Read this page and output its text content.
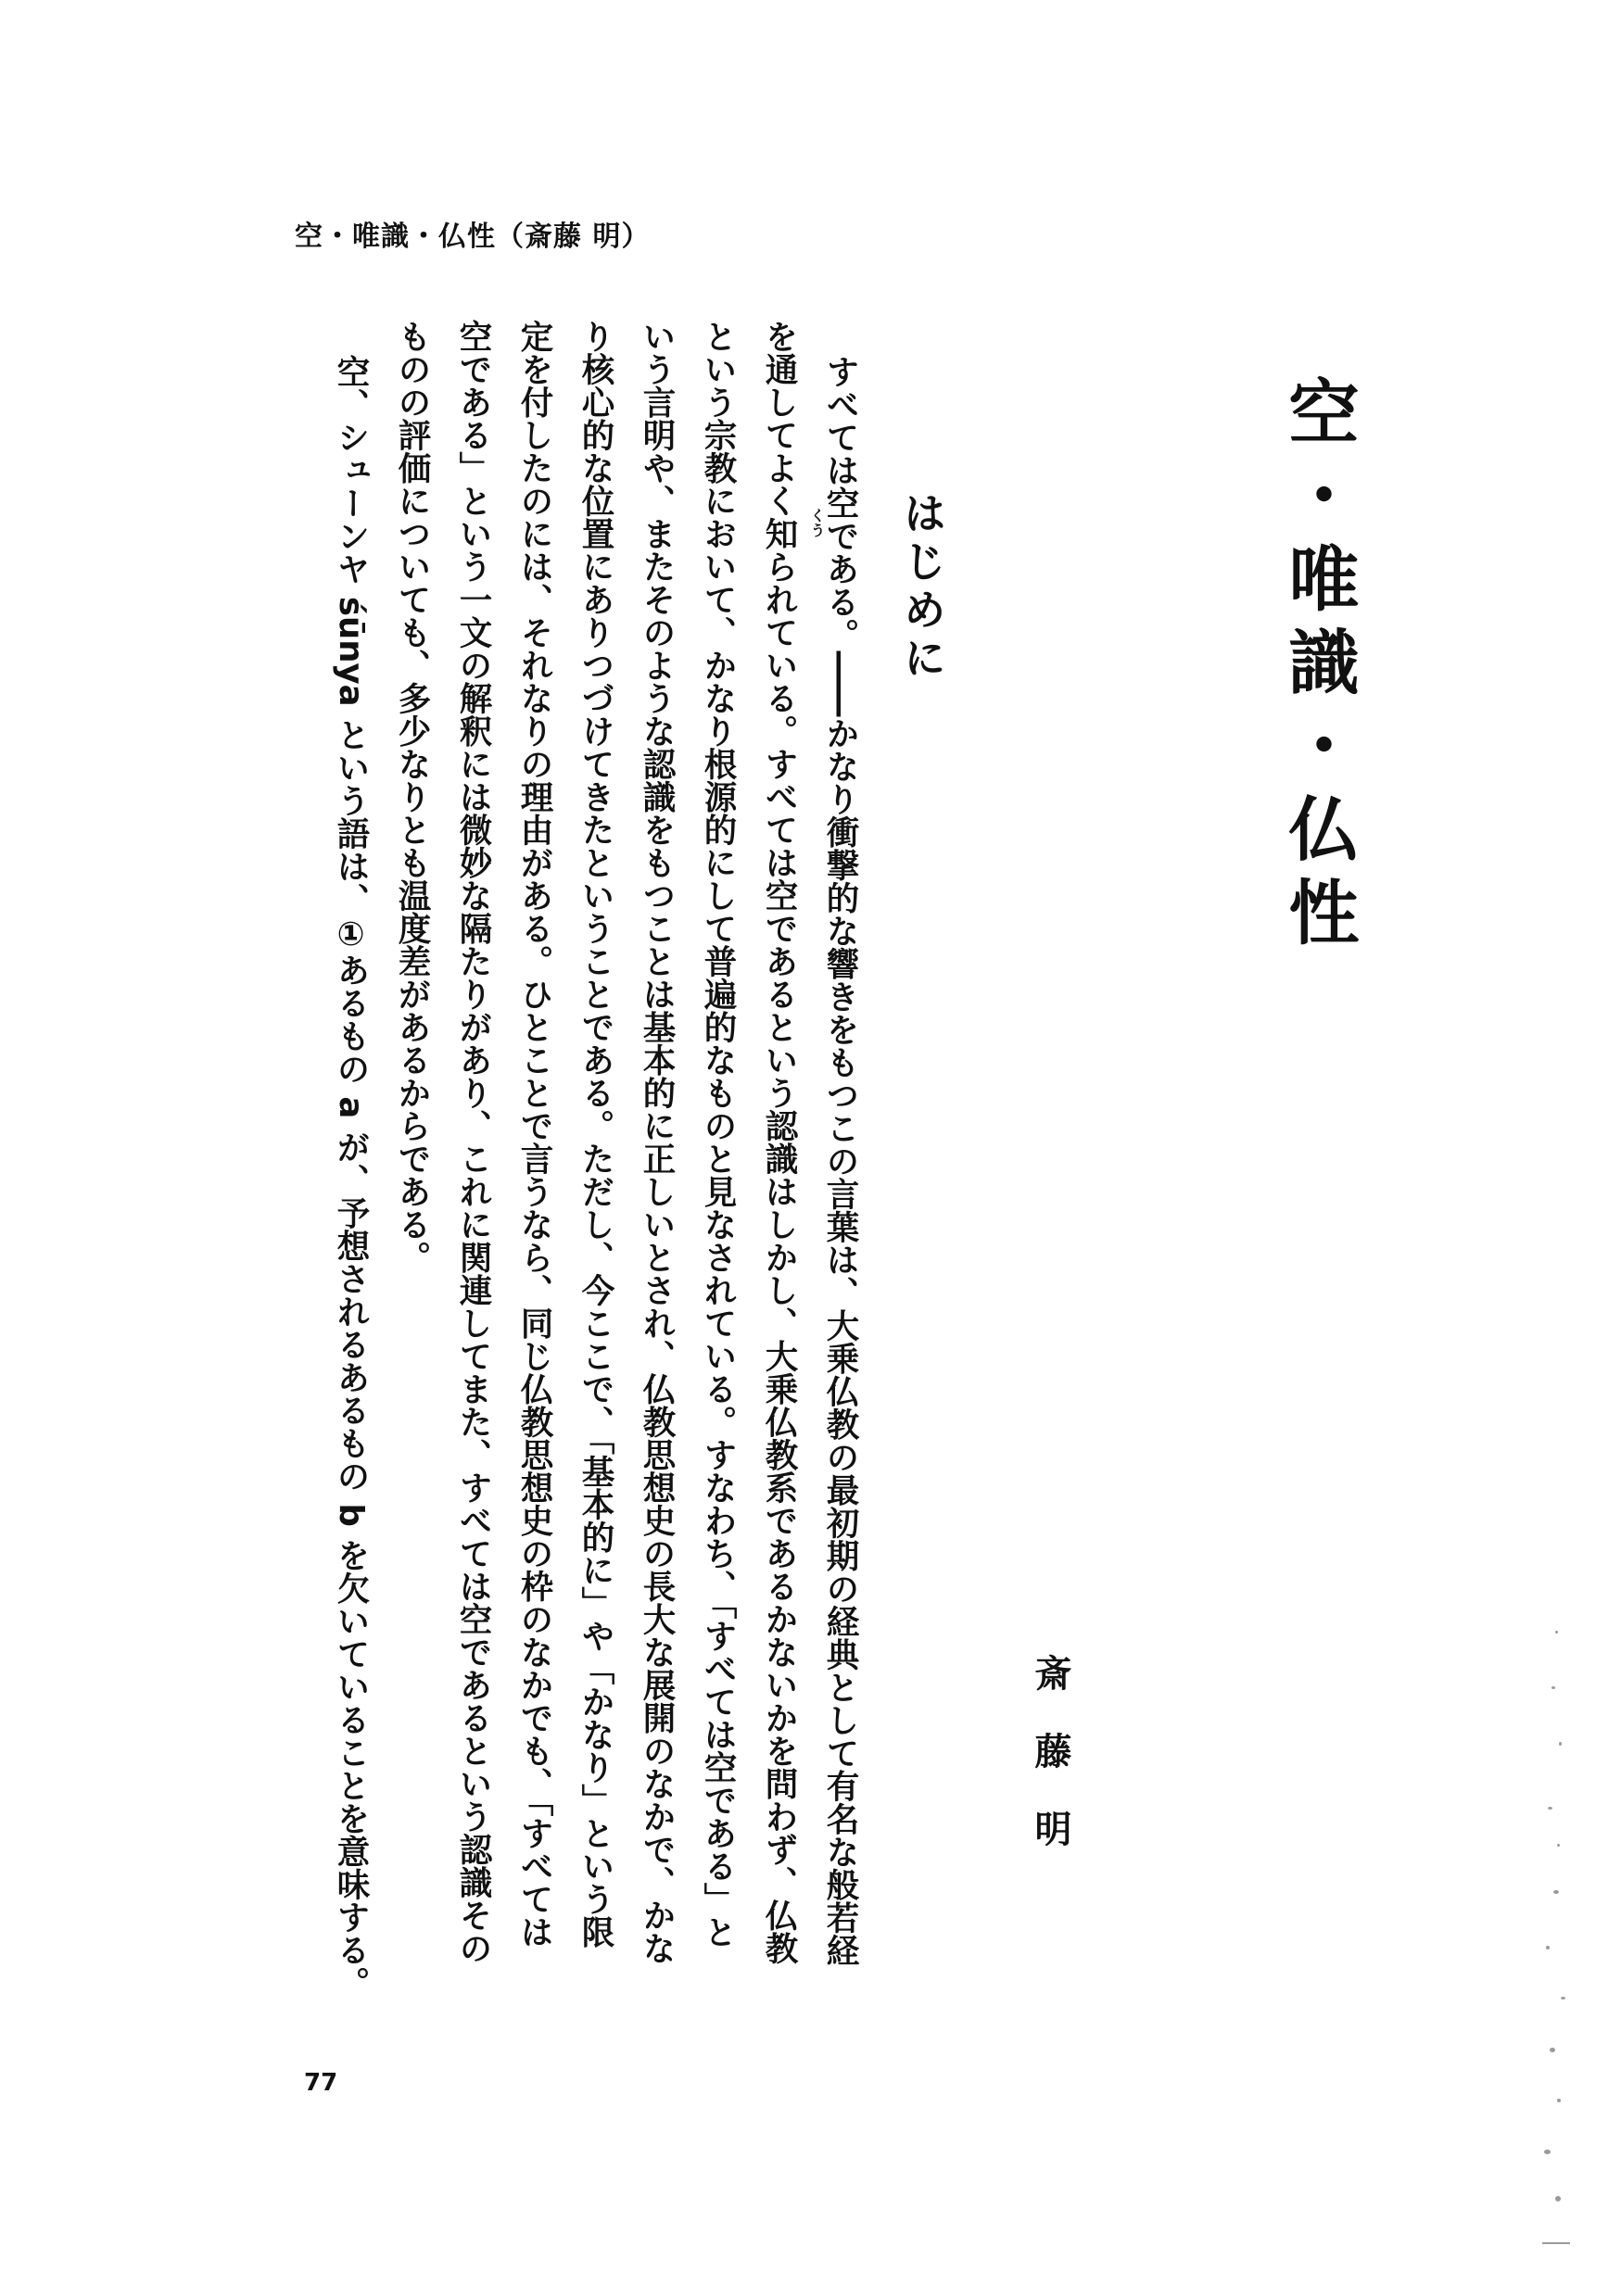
空・唯識・仏性（斎藤 明）
空・唯識・仏性
斎藤明
はじめに
すべては空である。――かなり衝撃的な響きをもつこの言葉は、大乗仏教の最初期の経典として有名な般若経
を通してよく知られている。すべては空であるという認識はしかし、大乗仏教系であるかないかを問わず、仏教
という宗教において、かなり根源的にして普遍的なものと見なされている。すなわち、「すべては空である」と
いう言明や、またそのような認識をもつことは基本的に正しいとされ、仏教思想史の長大な展開のなかで、かな
り核心的な位置にありつづけてきたということである。ただし、今ここで、「基本的に」や「かなり」という限
定を付したのには、それなりの理由がある。ひとことで言うなら、同じ仏教思想史の枠のなかでも、「すべては
空である」という一文の解釈には微妙な隔たりがあり、これに関連してまた、すべては空であるという認識その
ものの評価についても、多少なりとも温度差があるからである。
空、シューンヤ śūnya という語は、①あるもの a が、予想されるあるもの b を欠いていることを意味する。	くう
77
